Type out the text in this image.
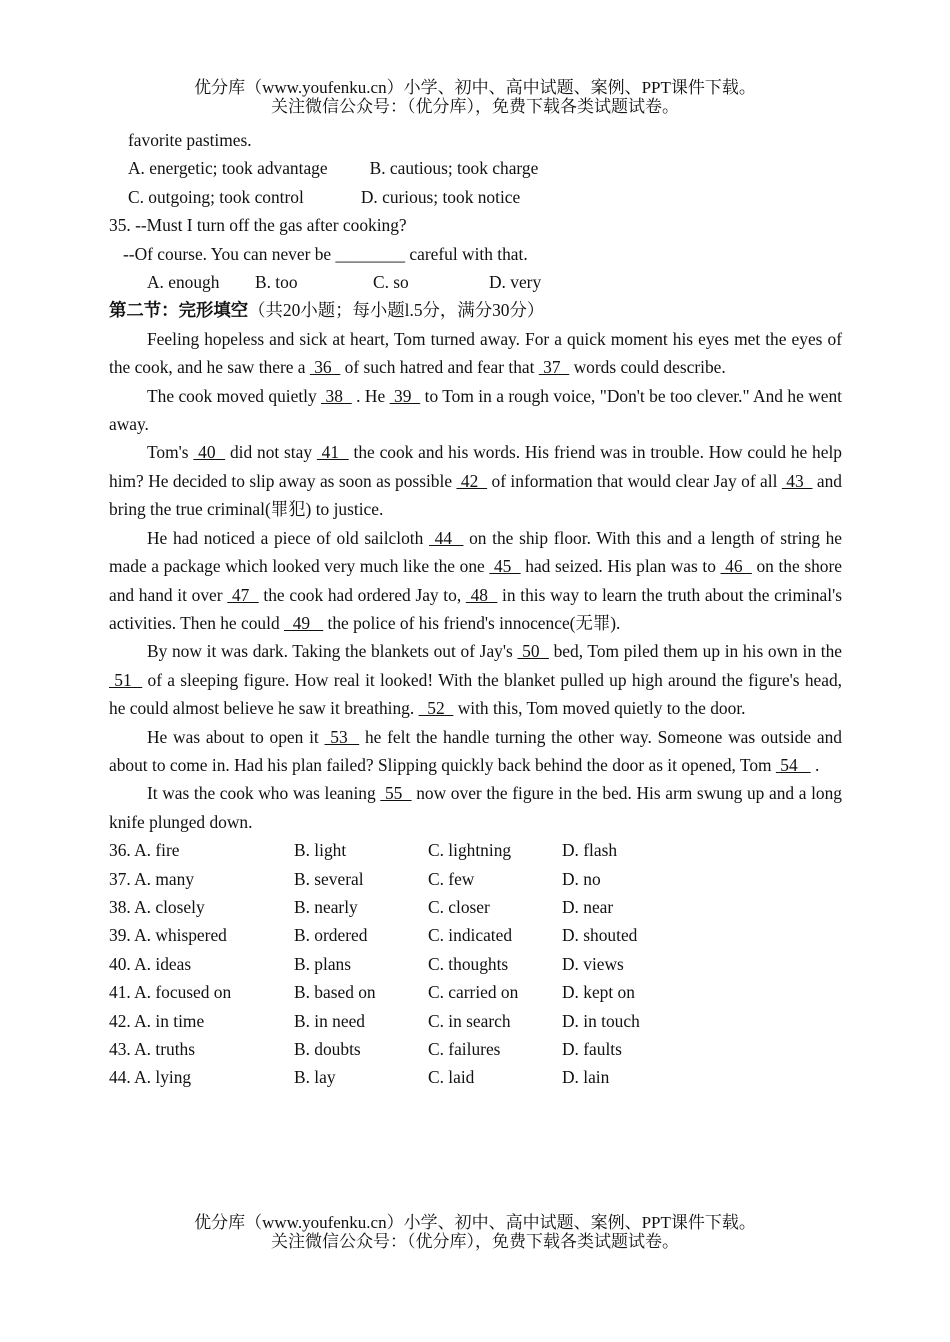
优分库（www.youfenku.cn）小学、初中、高中试题、案例、PPT课件下载。
关注微信公众号：（优分库），免费下载各类试题试卷。
favorite pastimes.
A. energetic; took advantage B. cautious; took charge
C. outgoing; took control	D. curious; took notice
35. --Must I turn off the gas after cooking?
--Of course. You can never be ________ careful with that.
A. enough B. too	C. so	D. very
第二节：完形填空（共20小题；每小题l.5分，满分30分）
Feeling hopeless and sick at heart, Tom turned away. For a quick moment his eyes met the eyes of the cook, and he saw there a  36   of such hatred and fear that  37   words could describe.
The cook moved quietly  38   . He  39   to Tom in a rough voice, "Don't be too clever." And he went away.
Tom's  40   did not stay  41   the cook and his words. His friend was in trouble. How could he help him? He decided to slip away as soon as possible  42   of information that would clear Jay of all  43   and bring the true criminal(罪犯) to justice.
He had noticed a piece of old sailcloth  44   on the ship floor. With this and a length of string he made a package which looked very much like the one  45   had seized. His plan was to  46   on the shore and hand it over  47   the cook had ordered Jay to,  48   in this way to learn the truth about the criminal's activities. Then he could   49    the police of his friend's innocence(无罪).
By now it was dark. Taking the blankets out of Jay's  50   bed, Tom piled them up in his own in the  51   of a sleeping figure. How real it looked! With the blanket pulled up high around the figure's head, he could almost believe he saw it breathing.   52   with this, Tom moved quietly to the door.
He was about to open it  53   he felt the handle turning the other way. Someone was outside and about to come in. Had his plan failed? Slipping quickly back behind the door as it opened, Tom  54    .
It was the cook who was leaning  55   now over the figure in the bed. His arm swung up and a long knife plunged down.
36. A. fire	B. light	C. lightning	D. flash
37. A. many	B. several	C. few	D. no
38. A. closely	B. nearly	C. closer	D. near
39. A. whispered	B. ordered	C. indicated	D. shouted
40. A. ideas	B. plans	C. thoughts	D. views
41. A. focused on	B. based on	C. carried on	D. kept on
42. A. in time	B. in need	C. in search	D. in touch
43. A. truths	B. doubts	C. failures	D. faults
44. A. lying	B. lay	C. laid	D. lain
优分库（www.youfenku.cn）小学、初中、高中试题、案例、PPT课件下载。
关注微信公众号：（优分库），免费下载各类试题试卷。
